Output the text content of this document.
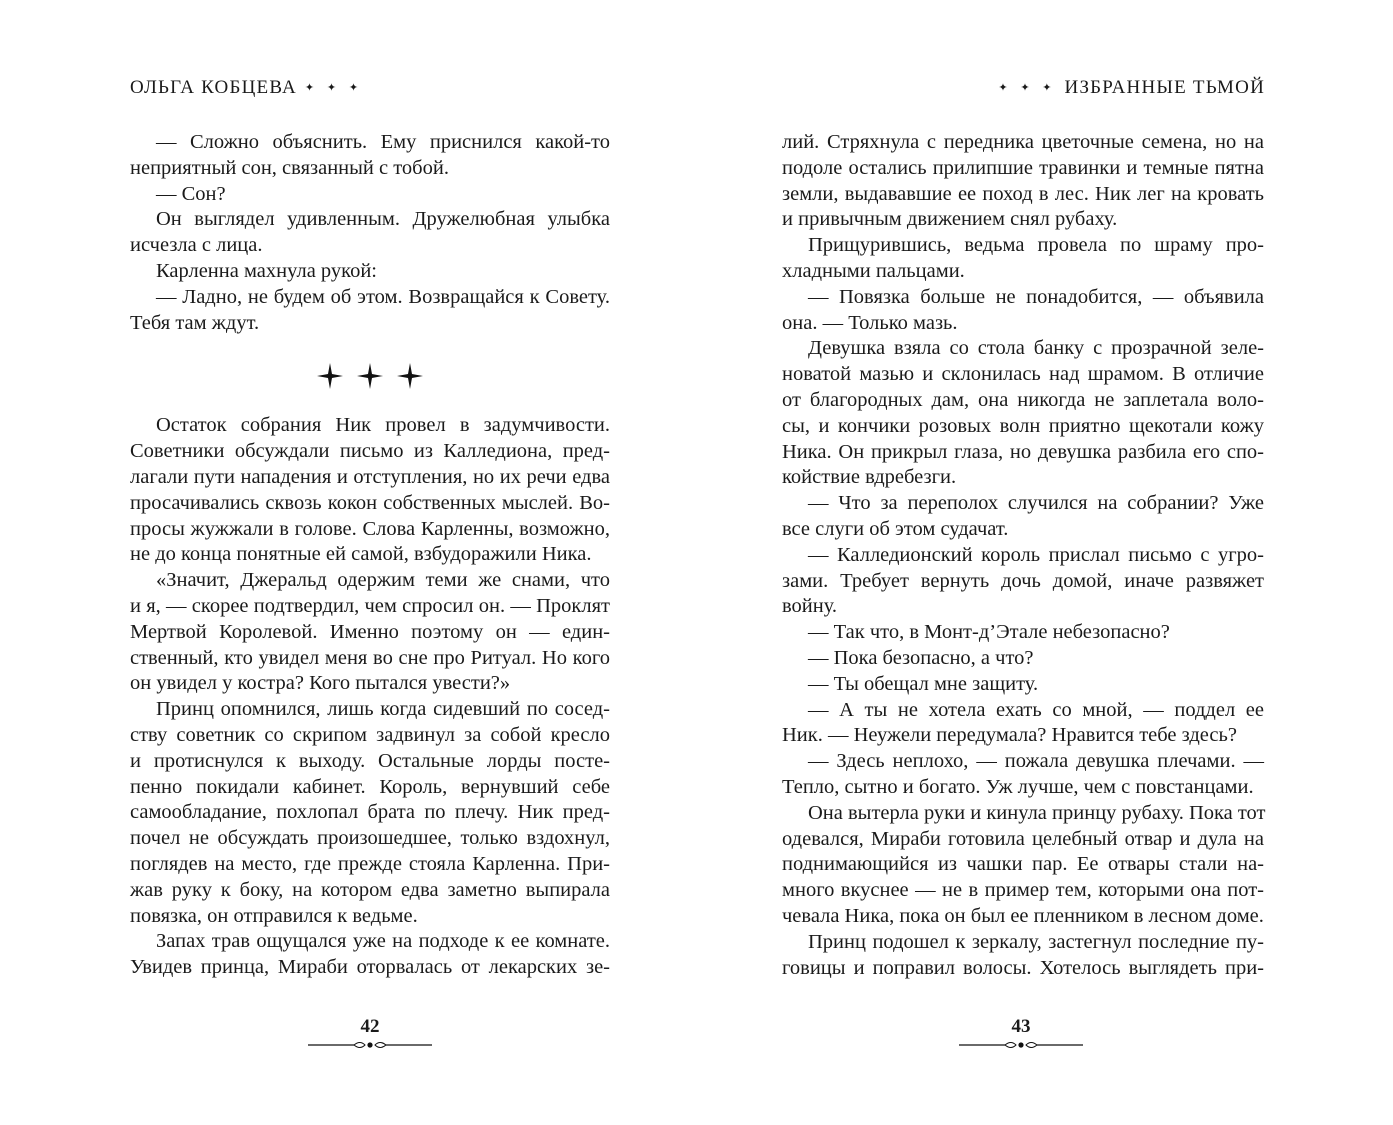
ОЛЬГА КОБЦЕВА ✦ ✦ ✦
— Сложно объяснить. Ему приснился какой-то
неприятный сон, связанный с тобой.
— Сон?
Он выглядел удивленным. Дружелюбная улыбка
исчезла с лица.
Карленна махнула рукой:
— Ладно, не будем об этом. Возвращайся к Совету.
Тебя там ждут.
Остаток собрания Ник провел в задумчивости.
Советники обсуждали письмо из Калледиона, пред-
лагали пути нападения и отступления, но их речи едва
просачивались сквозь кокон собственных мыслей. Во-
просы жужжали в голове. Слова Карленны, возможно,
не до конца понятные ей самой, взбудоражили Ника.
«Значит, Джеральд одержим теми же снами, что
и я, — скорее подтвердил, чем спросил он. — Проклят
Мертвой Королевой. Именно поэтому он — един-
ственный, кто увидел меня во сне про Ритуал. Но кого
он увидел у костра? Кого пытался увести?»
Принц опомнился, лишь когда сидевший по сосед-
ству советник со скрипом задвинул за собой кресло
и протиснулся к выходу. Остальные лорды посте-
пенно покидали кабинет. Король, вернувший себе
самообладание, похлопал брата по плечу. Ник пред-
почел не обсуждать произошедшее, только вздохнул,
поглядев на место, где прежде стояла Карленна. При-
жав руку к боку, на котором едва заметно выпирала
повязка, он отправился к ведьме.
Запах трав ощущался уже на подходе к ее комнате.
Увидев принца, Мираби оторвалась от лекарских зе-
42
✦ ✦ ✦ ИЗБРАННЫЕ ТЬМОЙ
лий. Стряхнула с передника цветочные семена, но на
подоле остались прилипшие травинки и темные пятна
земли, выдававшие ее поход в лес. Ник лег на кровать
и привычным движением снял рубаху.
Прищурившись, ведьма провела по шраму про-
хладными пальцами.
— Повязка больше не понадобится, — объявила
она. — Только мазь.
Девушка взяла со стола банку с прозрачной зеле-
новатой мазью и склонилась над шрамом. В отличие
от благородных дам, она никогда не заплетала воло-
сы, и кончики розовых волн приятно щекотали кожу
Ника. Он прикрыл глаза, но девушка разбила его спо-
койствие вдребезги.
— Что за переполох случился на собрании? Уже
все слуги об этом судачат.
— Калледионский король прислал письмо с угро-
зами. Требует вернуть дочь домой, иначе развяжет
войну.
— Так что, в Монт-д’Этале небезопасно?
— Пока безопасно, а что?
— Ты обещал мне защиту.
— А ты не хотела ехать со мной, — поддел ее
Ник. — Неужели передумала? Нравится тебе здесь?
— Здесь неплохо, — пожала девушка плечами. —
Тепло, сытно и богато. Уж лучше, чем с повстанцами.
Она вытерла руки и кинула принцу рубаху. Пока тот
одевался, Мираби готовила целебный отвар и дула на
поднимающийся из чашки пар. Ее отвары стали на-
много вкуснее — не в пример тем, которыми она пот-
чевала Ника, пока он был ее пленником в лесном доме.
Принц подошел к зеркалу, застегнул последние пу-
говицы и поправил волосы. Хотелось выглядеть при-
43
